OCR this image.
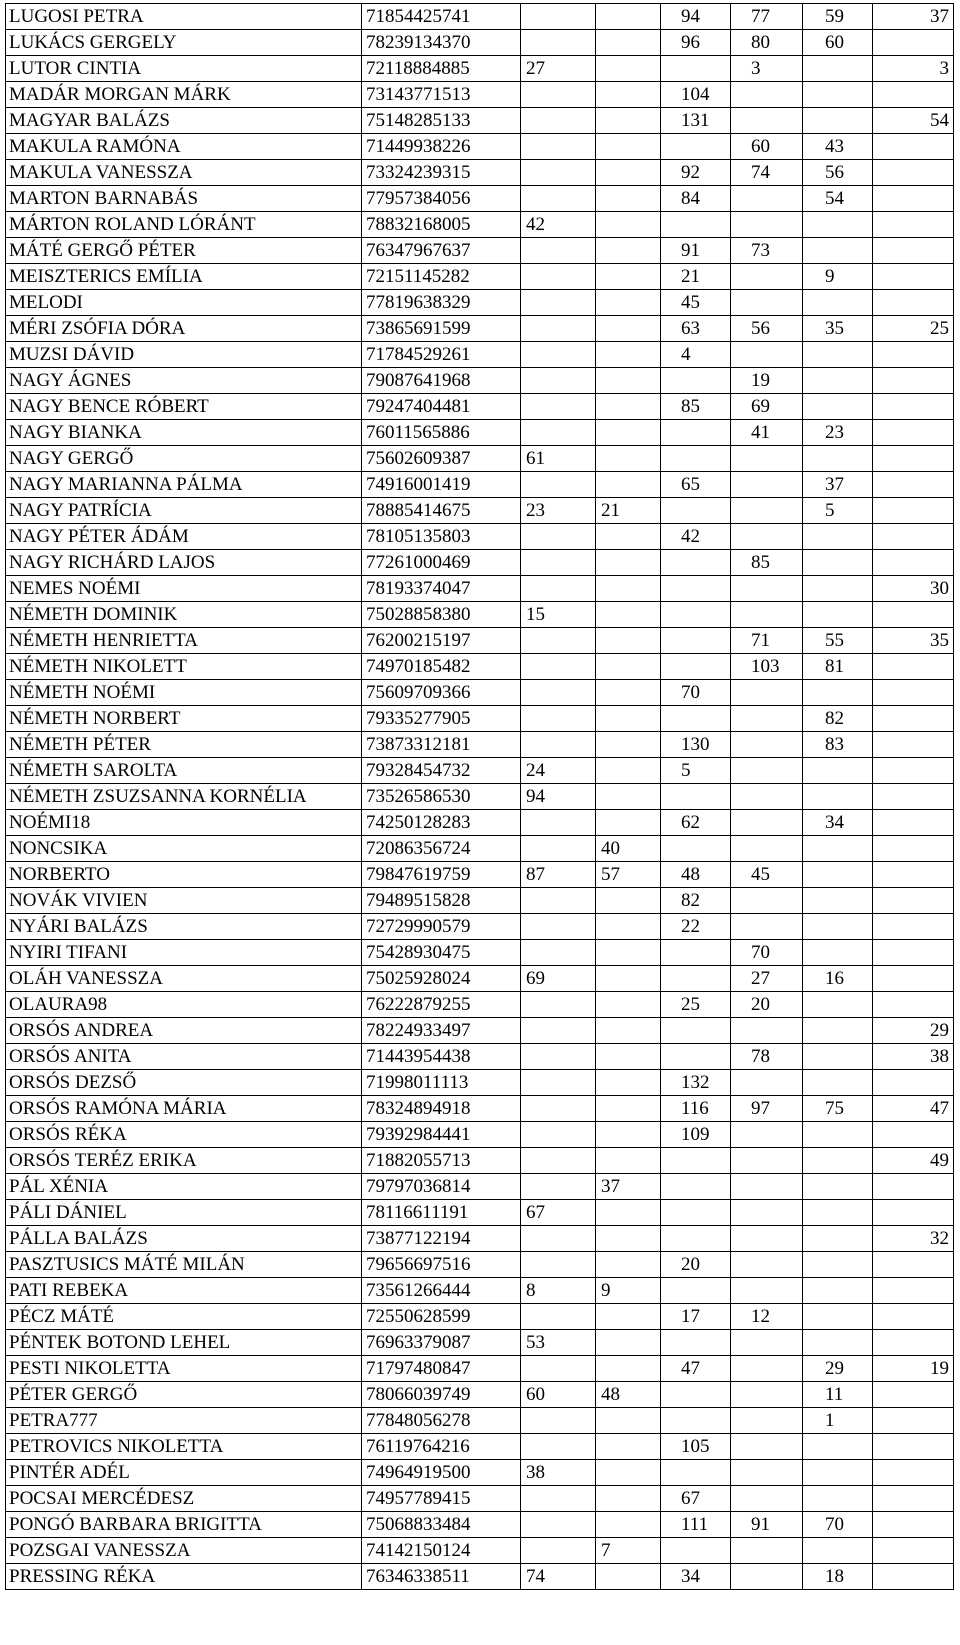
LUGOSI PETRA	71854425741			94	77	59	37
LUKÁCS GERGELY	78239134370			96	80	60	
LUTOR CINTIA	72118884885	27			3		3
MADÁR MORGAN MÁRK	73143771513			104			
MAGYAR BALÁZS	75148285133			131			54
MAKULA RAMÓNA	71449938226				60	43	
MAKULA VANESSZA	73324239315			92	74	56	
MARTON BARNABÁS	77957384056			84		54	
MÁRTON ROLAND LÓRÁNT	78832168005	42					
MÁTÉ GERGŐ PÉTER	76347967637			91	73		
MEISZTERICS EMÍLIA	72151145282			21		9	
MELODI	77819638329			45			
MÉRI ZSÓFIA DÓRA	73865691599			63	56	35	25
MUZSI DÁVID	71784529261			4			
NAGY ÁGNES	79087641968				19		
NAGY BENCE RÓBERT	79247404481			85	69		
NAGY BIANKA	76011565886				41	23	
NAGY GERGŐ	75602609387	61					
NAGY MARIANNA PÁLMA	74916001419			65		37	
NAGY PATRÍCIA	78885414675	23	21			5	
NAGY PÉTER ÁDÁM	78105135803			42			
NAGY RICHÁRD LAJOS	77261000469				85		
NEMES NOÉMI	78193374047						30
NÉMETH DOMINIK	75028858380	15					
NÉMETH HENRIETTA	76200215197				71	55	35
NÉMETH NIKOLETT	74970185482				103	81	
NÉMETH NOÉMI	75609709366			70			
NÉMETH NORBERT	79335277905					82	
NÉMETH PÉTER	73873312181			130		83	
NÉMETH SAROLTA	79328454732	24		5			
NÉMETH ZSUZSANNA KORNÉLIA	73526586530	94					
NOÉMI18	74250128283			62		34	
NONCSIKA	72086356724		40				
NORBERTO	79847619759	87	57	48	45		
NOVÁK VIVIEN	79489515828			82			
NYÁRI BALÁZS	72729990579			22			
NYIRI TIFANI	75428930475				70		
OLÁH VANESSZA	75025928024	69			27	16	
OLAURA98	76222879255			25	20		
ORSÓS ANDREA	78224933497						29
ORSÓS ANITA	71443954438				78		38
ORSÓS DEZSŐ	71998011113			132			
ORSÓS RAMÓNA MÁRIA	78324894918			116	97	75	47
ORSÓS RÉKA	79392984441			109			
ORSÓS TERÉZ ERIKA	71882055713						49
PÁL XÉNIA	79797036814		37				
PÁLI DÁNIEL	78116611191	67					
PÁLLA BALÁZS	73877122194						32
PASZTUSICS MÁTÉ MILÁN	79656697516			20			
PATI REBEKA	73561266444	8	9				
PÉCZ MÁTÉ	72550628599			17	12		
PÉNTEK BOTOND LEHEL	76963379087	53					
PESTI NIKOLETTA	71797480847			47		29	19
PÉTER GERGŐ	78066039749	60	48			11	
PETRA777	77848056278					1	
PETROVICS NIKOLETTA	76119764216			105			
PINTÉR ADÉL	74964919500	38					
POCSAI MERCÉDESZ	74957789415			67			
PONGÓ BARBARA BRIGITTA	75068833484			111	91	70	
POZSGAI VANESSZA	74142150124		7				
PRESSING RÉKA	76346338511	74		34		18	
